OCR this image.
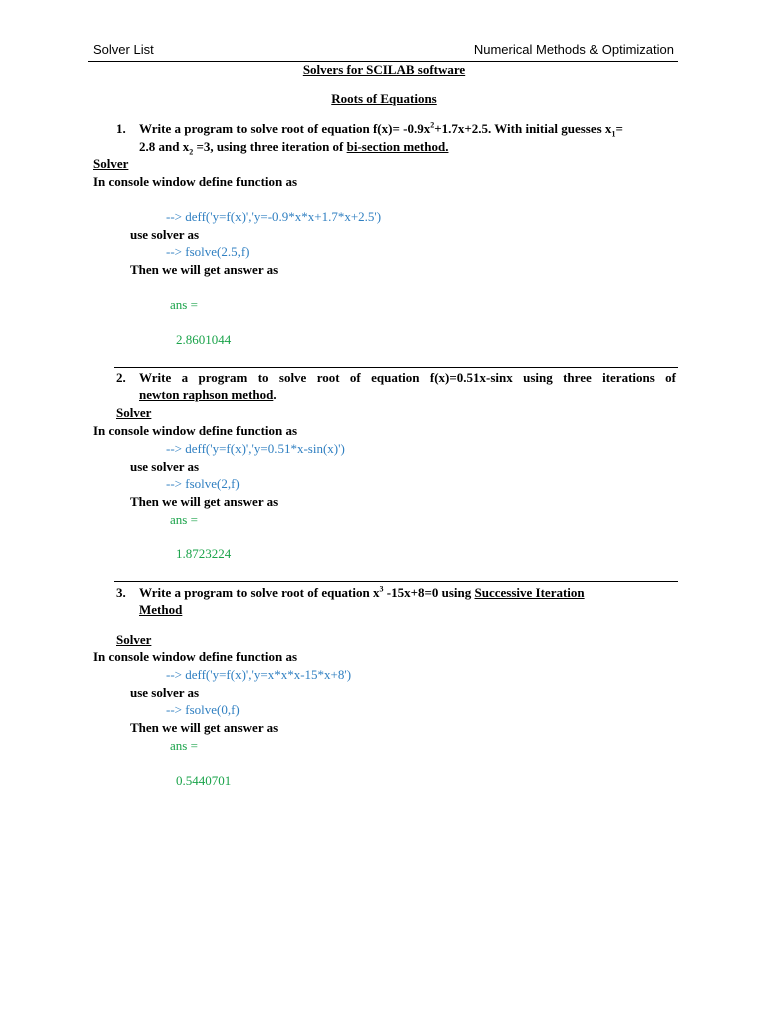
Solver List	Numerical Methods & Optimization
Solvers for SCILAB software
Roots of Equations
1. Write a program to solve root of equation $f(x)= -0.9x^2+1.7x+2.5$. With initial guesses $x_1=$
2.8 and $x_2 =3$, using three iteration of bi-section method.
Solver
In console window define function as
--> deff('y=f(x)','y=-0.9*x*x+1.7*x+2.5')
use solver as
--> fsolve(2.5,f)
Then we will get answer as
ans =
2.8601044
2. Write a program to solve root of equation f(x)=0.51x-sinx using three iterations of
newton raphson method.
Solver
In console window define function as
--> deff('y=f(x)','y=0.51*x-sin(x)')
use solver as
--> fsolve(2,f)
Then we will get answer as
ans =
1.8723224
3. Write a program to solve root of equation $x^3$ -15x+8=0 using Successive Iteration
Method
Solver
In console window define function as
--> deff('y=f(x)','y=x*x*x-15*x+8')
use solver as
--> fsolve(0,f)
Then we will get answer as
ans =
0.5440701
